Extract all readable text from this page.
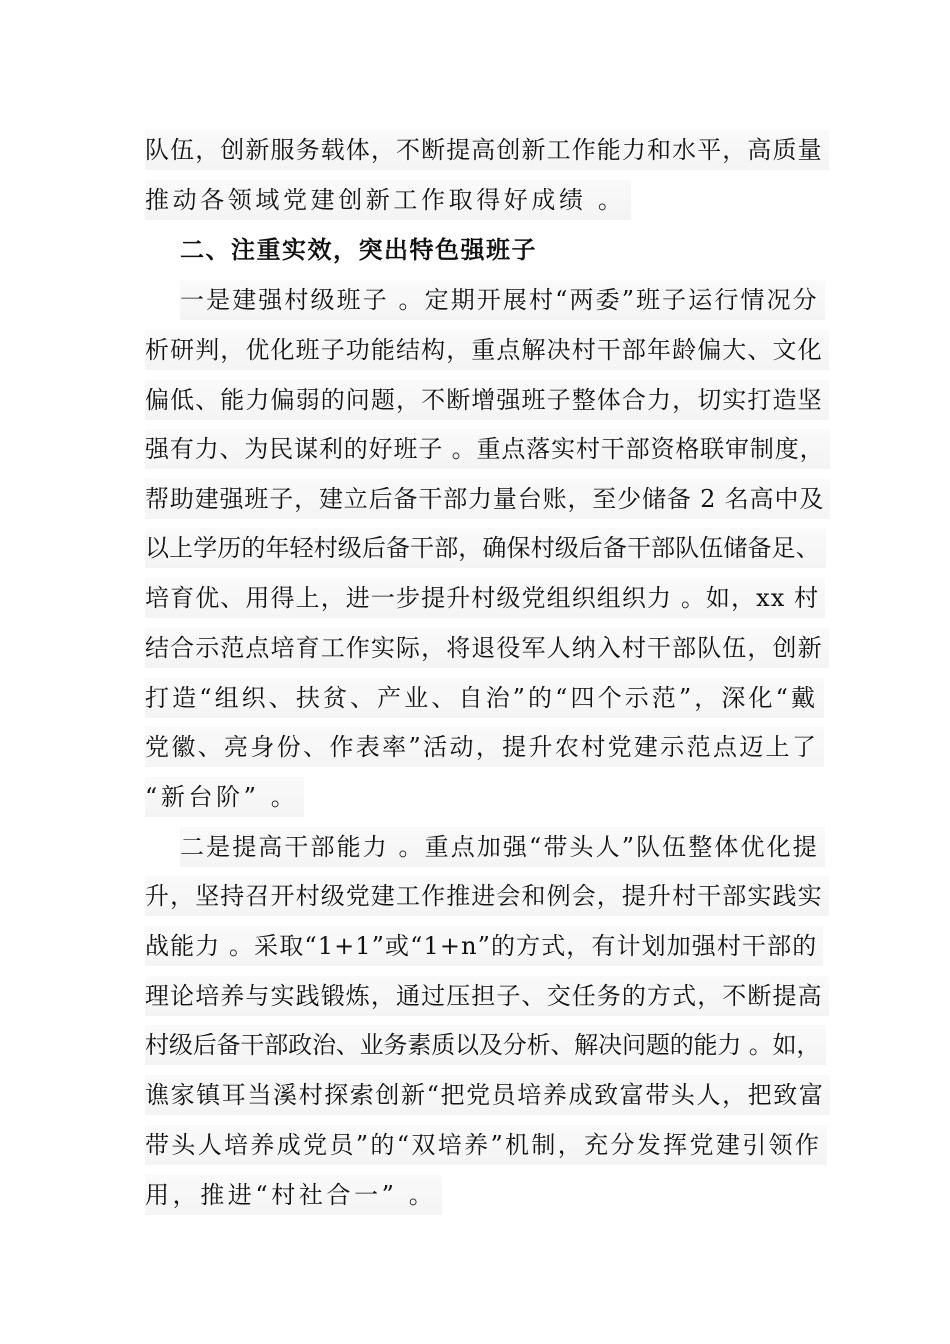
队伍，创新服务载体，不断提高创新工作能力和水平，高质量
推动各领域党建创新工作取得好成绩 。
二、注重实效，突出特色强班子
一是建强村级班子 。定期开展村“两委”班子运行情况分
析研判，优化班子功能结构，重点解决村干部年龄偏大、文化
偏低、能力偏弱的问题，不断增强班子整体合力，切实打造坚
强有力、为民谋利的好班子 。重点落实村干部资格联审制度，
帮助建强班子，建立后备干部力量台账，至少储备 2 名高中及
以上学历的年轻村级后备干部，确保村级后备干部队伍储备足、
培育优、用得上，进一步提升村级党组织组织力 。如，xx 村
结合示范点培育工作实际，将退役军人纳入村干部队伍，创新
打造“组织、扶贫、产业、自治”的“四个示范”，深化“戴
党徽、亮身份、作表率”活动，提升农村党建示范点迈上了
“新台阶” 。
二是提高干部能力 。重点加强“带头人”队伍整体优化提
升，坚持召开村级党建工作推进会和例会，提升村干部实践实
战能力 。采取“1+1”或“1+n”的方式，有计划加强村干部的
理论培养与实践锻炼，通过压担子、交任务的方式，不断提高
村级后备干部政治、业务素质以及分析、解决问题的能力 。如，
谯家镇耳当溪村探索创新“把党员培养成致富带头人，把致富
带头人培养成党员”的“双培养”机制，充分发挥党建引领作
用，推进“村社合一” 。
